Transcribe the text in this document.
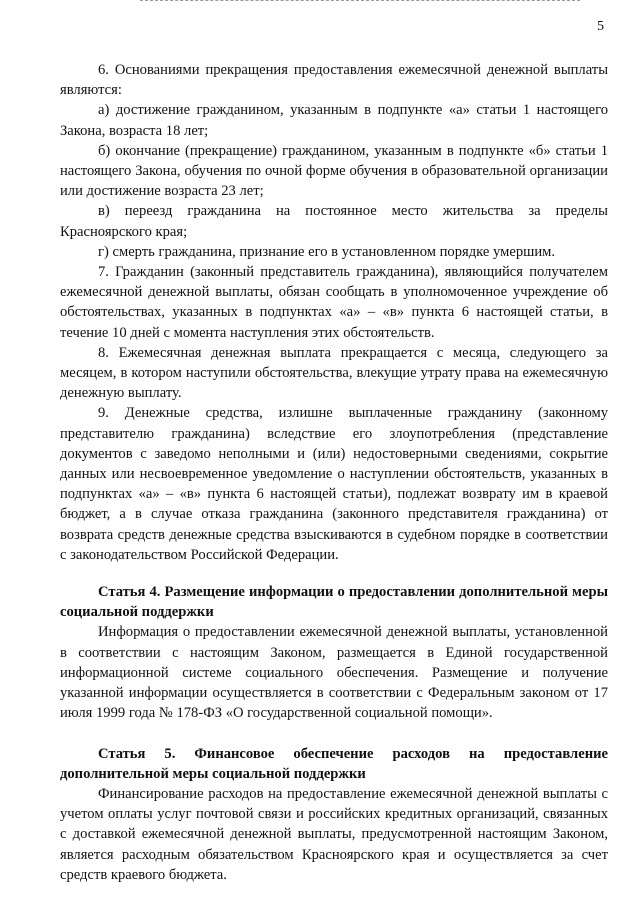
5

6. Основаниями прекращения предоставления ежемесячной денежной выплаты являются:

а) достижение гражданином, указанным в подпункте «а» статьи 1 настоящего Закона, возраста 18 лет;

б) окончание (прекращение) гражданином, указанным в подпункте «б» статьи 1 настоящего Закона, обучения по очной форме обучения в образовательной организации или достижение возраста 23 лет;

в) переезд гражданина на постоянное место жительства за пределы Красноярского края;

г) смерть гражданина, признание его в установленном порядке умершим.

7. Гражданин (законный представитель гражданина), являющийся получателем ежемесячной денежной выплаты, обязан сообщать в уполномоченное учреждение об обстоятельствах, указанных в подпунктах «а» – «в» пункта 6 настоящей статьи, в течение 10 дней с момента наступления этих обстоятельств.

8. Ежемесячная денежная выплата прекращается с месяца, следующего за месяцем, в котором наступили обстоятельства, влекущие утрату права на ежемесячную денежную выплату.

9. Денежные средства, излишне выплаченные гражданину (законному представителю гражданина) вследствие его злоупотребления (представление документов с заведомо неполными и (или) недостоверными сведениями, сокрытие данных или несвоевременное уведомление о наступлении обстоятельств, указанных в подпунктах «а» – «в» пункта 6 настоящей статьи), подлежат возврату им в краевой бюджет, а в случае отказа гражданина (законного представителя гражданина) от возврата средств денежные средства взыскиваются в судебном порядке в соответствии с законодательством Российской Федерации.

Статья 4. Размещение информации о предоставлении дополнительной меры социальной поддержки

Информация о предоставлении ежемесячной денежной выплаты, установленной в соответствии с настоящим Законом, размещается в Единой государственной информационной системе социального обеспечения. Размещение и получение указанной информации осуществляется в соответствии с Федеральным законом от 17 июля 1999 года № 178-ФЗ «О государственной социальной помощи».

Статья 5. Финансовое обеспечение расходов на предоставление дополнительной меры социальной поддержки

Финансирование расходов на предоставление ежемесячной денежной выплаты с учетом оплаты услуг почтовой связи и российских кредитных организаций, связанных с доставкой ежемесячной денежной выплаты, предусмотренной настоящим Законом, является расходным обязательством Красноярского края и осуществляется за счет средств краевого бюджета.
